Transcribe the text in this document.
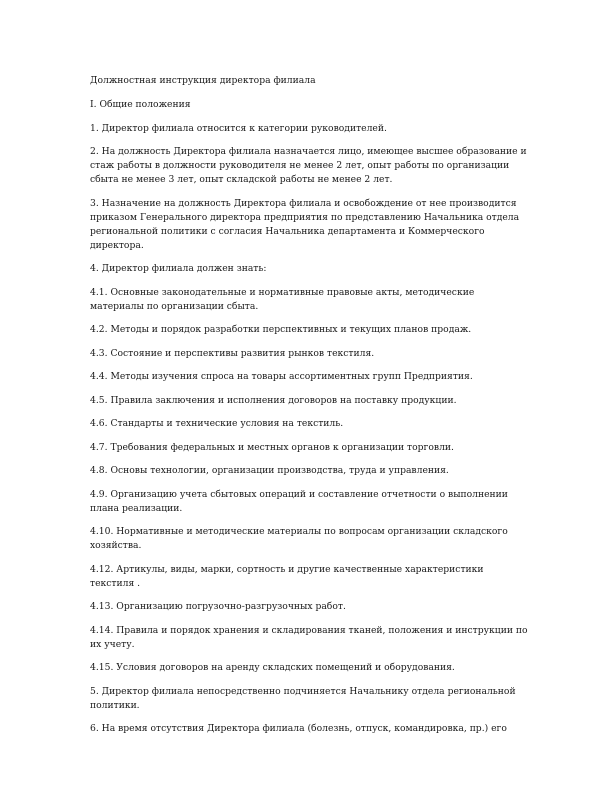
Должностная инструкция директора филиала

I. Общие положения

1. Директор филиала относится к категории руководителей.

2. На должность Директора филиала назначается лицо, имеющее высшее образование и стаж работы в должности руководителя не менее 2 лет, опыт работы по организации сбыта не менее 3 лет, опыт складской работы не менее 2 лет.

3. Назначение на должность Директора филиала и освобождение от нее производится приказом Генерального директора предприятия по представлению Начальника отдела региональной политики с согласия Начальника департамента и Коммерческого директора.

4. Директор филиала должен знать:

4.1. Основные законодательные и нормативные правовые акты, методические материалы по организации сбыта.

4.2. Методы и порядок разработки перспективных и текущих планов продаж.

4.3. Состояние и перспективы развития рынков текстиля.

4.4. Методы изучения спроса на товары ассортиментных групп Предприятия.

4.5. Правила заключения и исполнения договоров на поставку продукции.

4.6. Стандарты и технические условия на текстиль.

4.7. Требования федеральных и местных органов к организации торговли.

4.8. Основы технологии, организации производства, труда и управления.

4.9. Организацию учета сбытовых операций и составление отчетности о выполнении плана реализации.

4.10. Нормативные и методические материалы по вопросам организации складского хозяйства.

4.12. Артикулы, виды, марки, сортность и другие качественные характеристики текстиля .

4.13. Организацию погрузочно-разгрузочных работ.

4.14. Правила и порядок хранения и складирования тканей, положения и инструкции по их учету.

4.15. Условия договоров на аренду складских помещений и оборудования.

5. Директор филиала непосредственно подчиняется Начальнику отдела региональной политики.

6. На время отсутствия Директора филиала (болезнь, отпуск, командировка, пр.) его
